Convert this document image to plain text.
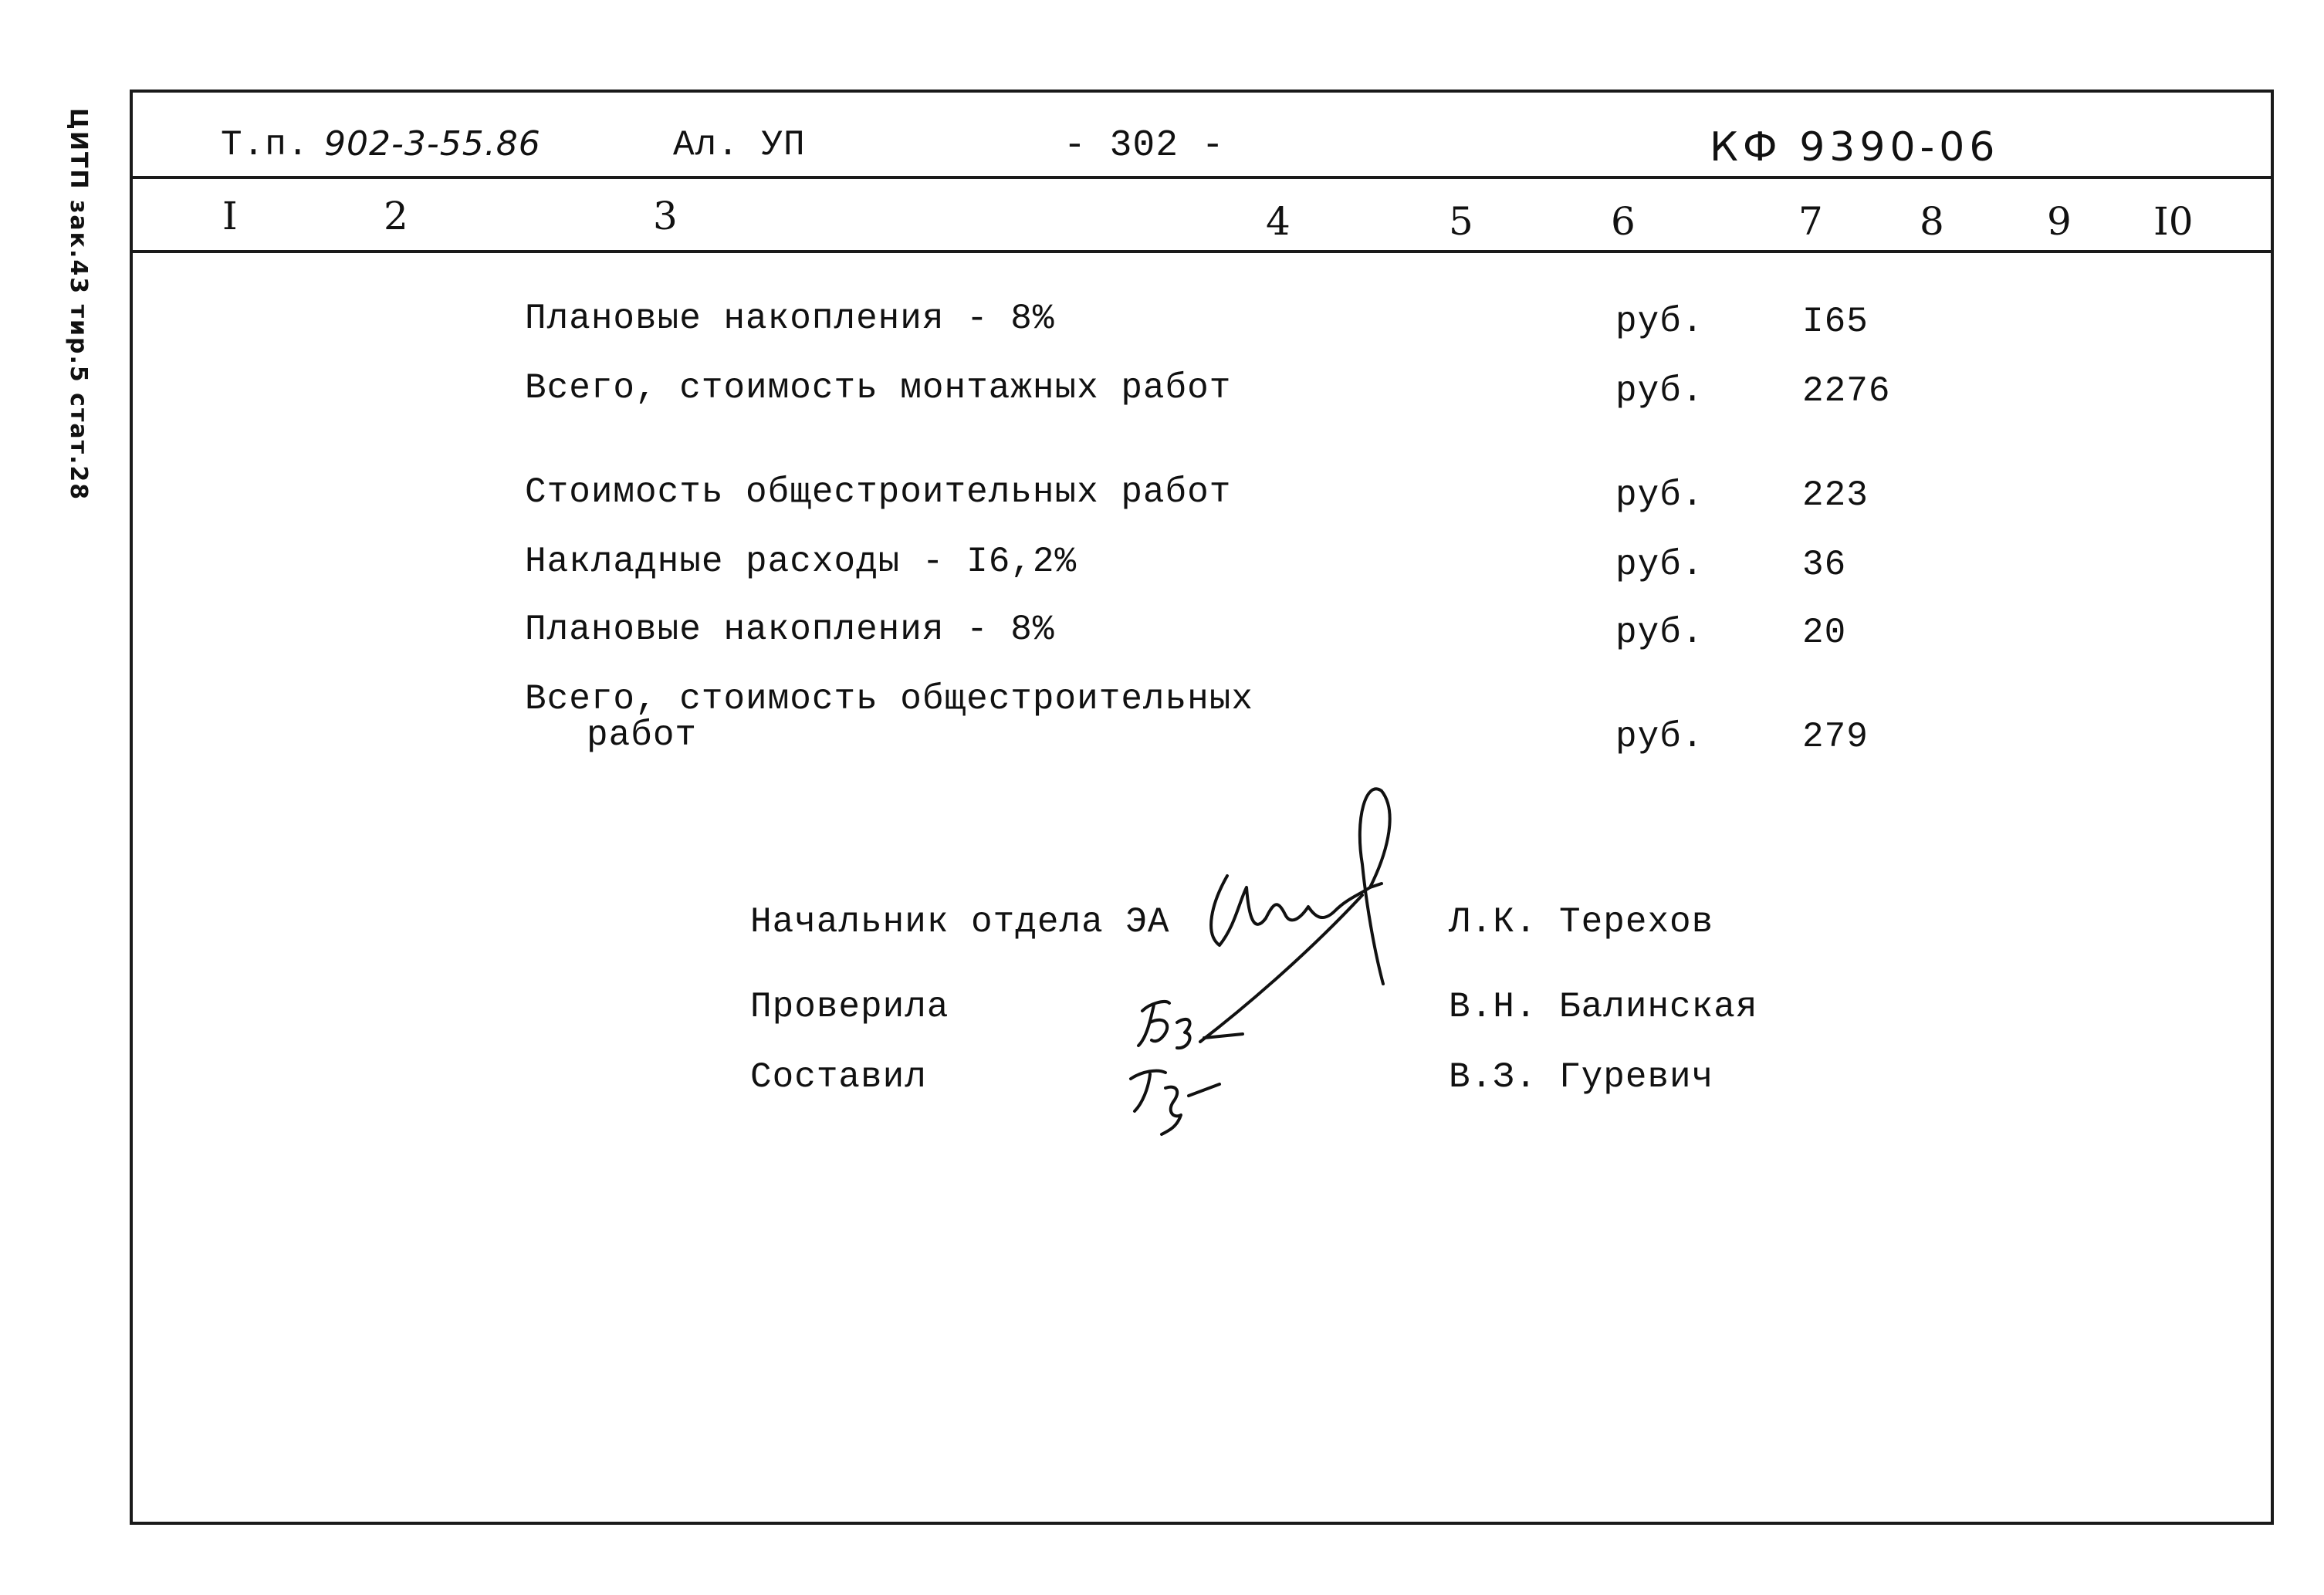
ЦИТП зак.43 тир.5 стат.28	Т.п. 902-3-55.86	Ал. УП	- 302 -	КФ 9390-06
I	2	3	4	5	6	7	8	9 I0
Плановые накопления - 8%	руб.	I65
Всего, стоимость монтажных работ	руб.	2276
Стоимость общестроительных работ	руб.	223
Накладные расходы - I6,2%	руб.	36
Плановые накопления - 8%	руб.	20
Всего, стоимость общестроительных
работ	руб.	279
Начальник отдела ЭА	Л.К. Терехов
Проверила	В.Н. Балинская
Составил	В.З. Гуревич
